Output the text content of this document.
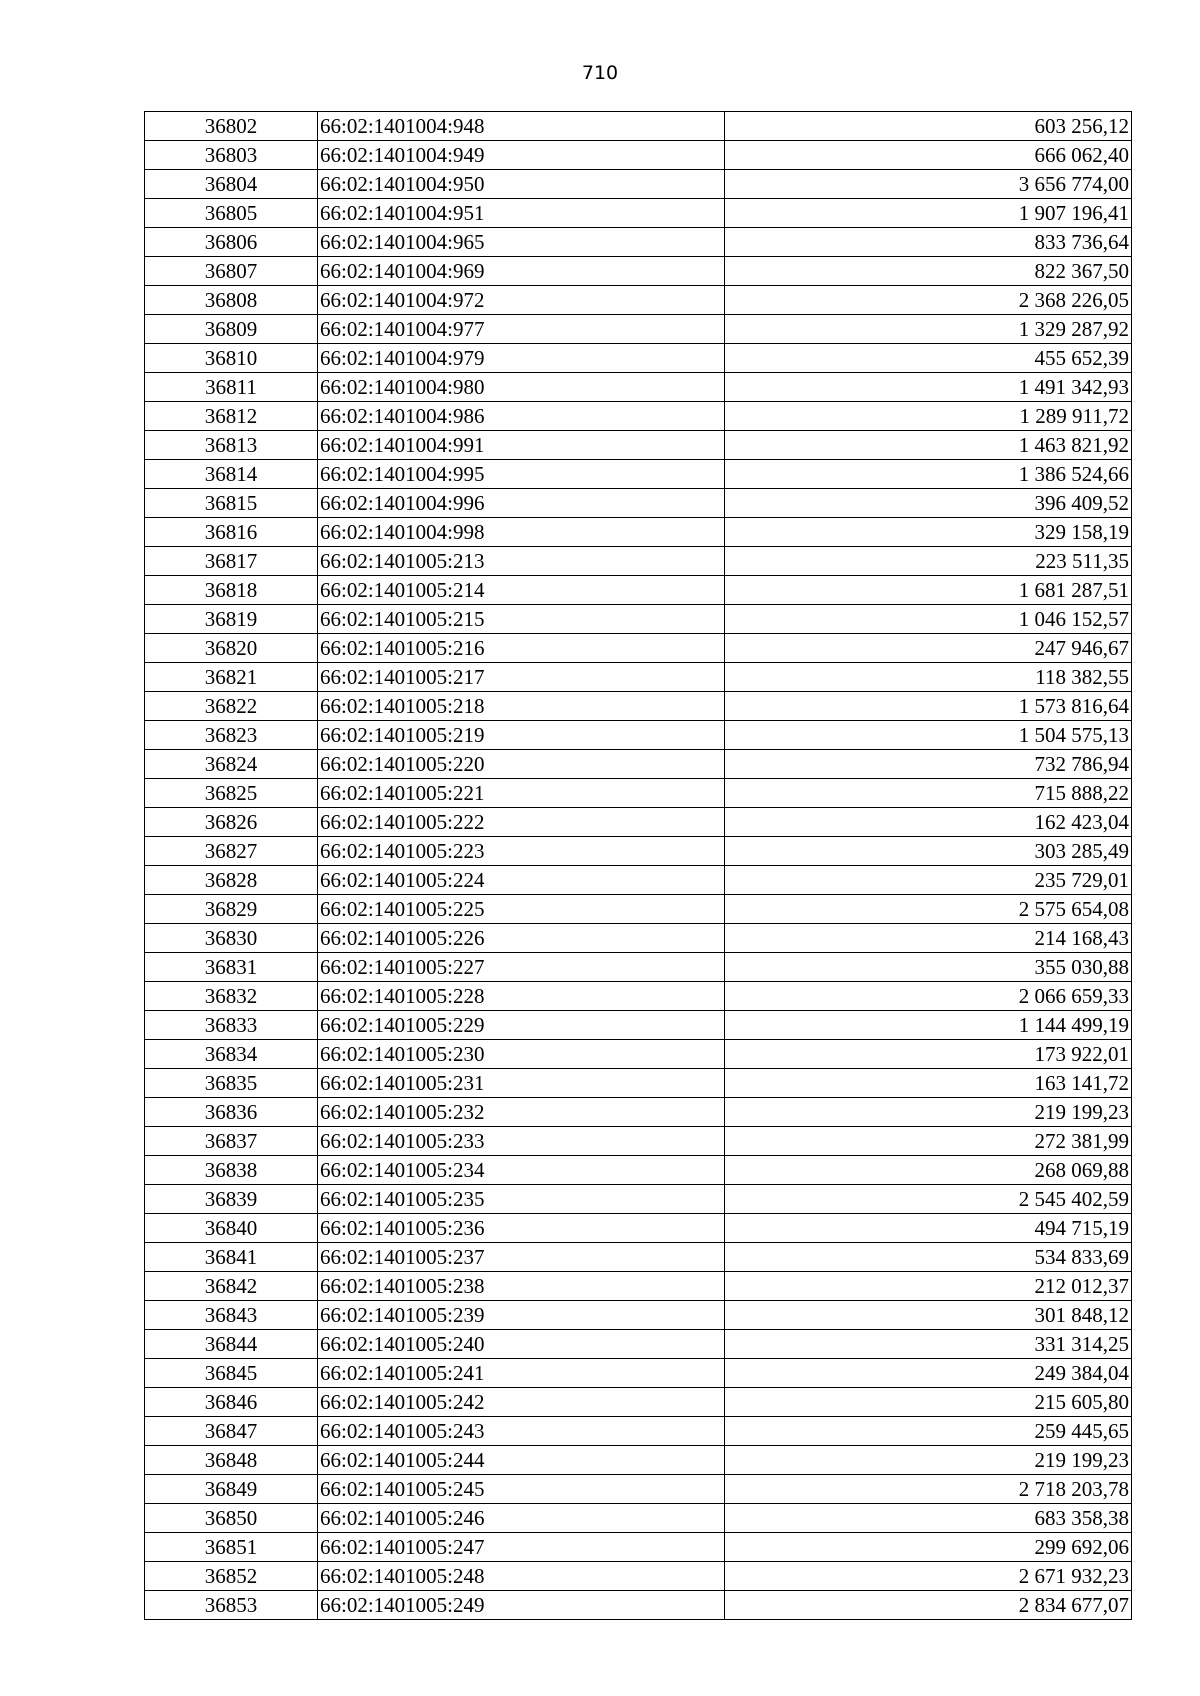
710
36802	66:02:1401004:948	603 256,12
36803	66:02:1401004:949	666 062,40
36804	66:02:1401004:950	3 656 774,00
36805	66:02:1401004:951	1 907 196,41
36806	66:02:1401004:965	833 736,64
36807	66:02:1401004:969	822 367,50
36808	66:02:1401004:972	2 368 226,05
36809	66:02:1401004:977	1 329 287,92
36810	66:02:1401004:979	455 652,39
36811	66:02:1401004:980	1 491 342,93
36812	66:02:1401004:986	1 289 911,72
36813	66:02:1401004:991	1 463 821,92
36814	66:02:1401004:995	1 386 524,66
36815	66:02:1401004:996	396 409,52
36816	66:02:1401004:998	329 158,19
36817	66:02:1401005:213	223 511,35
36818	66:02:1401005:214	1 681 287,51
36819	66:02:1401005:215	1 046 152,57
36820	66:02:1401005:216	247 946,67
36821	66:02:1401005:217	118 382,55
36822	66:02:1401005:218	1 573 816,64
36823	66:02:1401005:219	1 504 575,13
36824	66:02:1401005:220	732 786,94
36825	66:02:1401005:221	715 888,22
36826	66:02:1401005:222	162 423,04
36827	66:02:1401005:223	303 285,49
36828	66:02:1401005:224	235 729,01
36829	66:02:1401005:225	2 575 654,08
36830	66:02:1401005:226	214 168,43
36831	66:02:1401005:227	355 030,88
36832	66:02:1401005:228	2 066 659,33
36833	66:02:1401005:229	1 144 499,19
36834	66:02:1401005:230	173 922,01
36835	66:02:1401005:231	163 141,72
36836	66:02:1401005:232	219 199,23
36837	66:02:1401005:233	272 381,99
36838	66:02:1401005:234	268 069,88
36839	66:02:1401005:235	2 545 402,59
36840	66:02:1401005:236	494 715,19
36841	66:02:1401005:237	534 833,69
36842	66:02:1401005:238	212 012,37
36843	66:02:1401005:239	301 848,12
36844	66:02:1401005:240	331 314,25
36845	66:02:1401005:241	249 384,04
36846	66:02:1401005:242	215 605,80
36847	66:02:1401005:243	259 445,65
36848	66:02:1401005:244	219 199,23
36849	66:02:1401005:245	2 718 203,78
36850	66:02:1401005:246	683 358,38
36851	66:02:1401005:247	299 692,06
36852	66:02:1401005:248	2 671 932,23
36853	66:02:1401005:249	2 834 677,07
